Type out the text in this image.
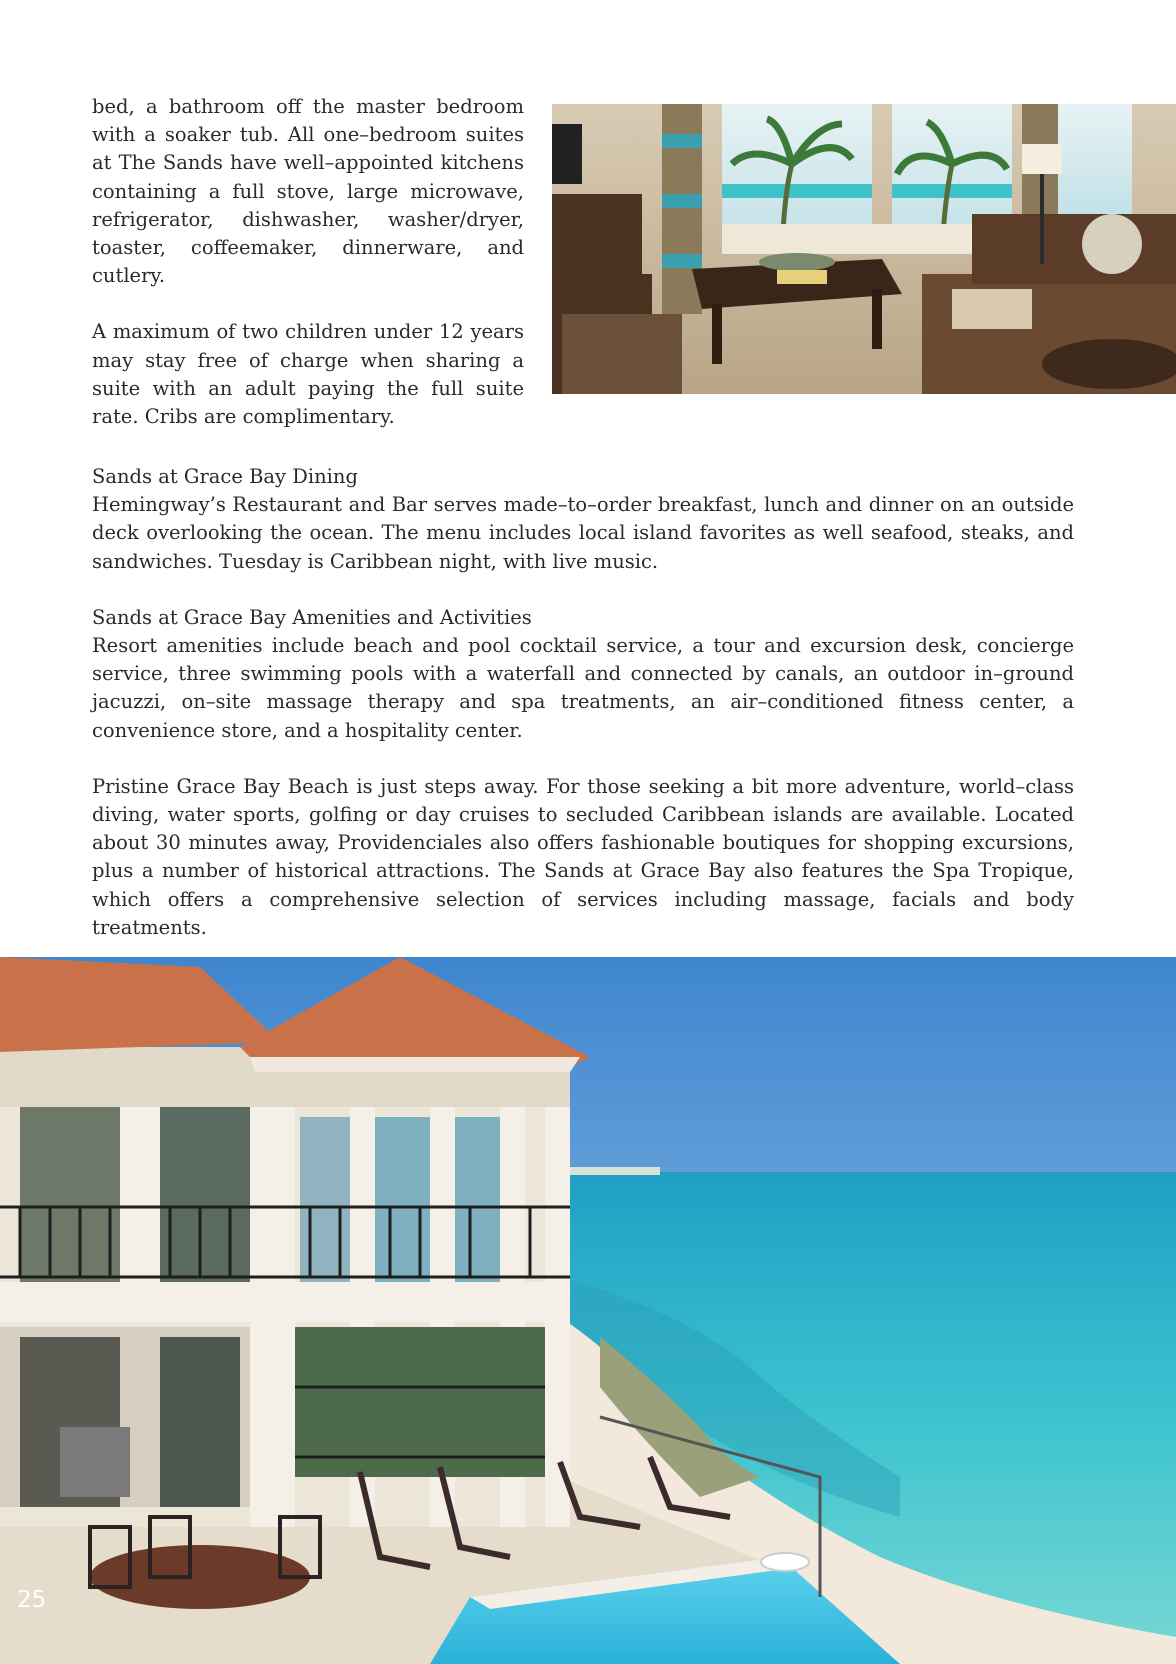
bed, a bathroom off the master bedroom with a soaker tub. All one–bedroom suites at The Sands have well–appointed kitchens containing a full stove, large microwave, refrigerator, dishwasher, washer/dryer, toaster, coffeemaker, dinnerware, and cutlery.

A maximum of two children under 12 years may stay free of charge when sharing a suite with an adult paying the full suite rate. Cribs are complimentary.

Sands at Grace Bay Dining

Hemingway’s Restaurant and Bar serves made–to–order breakfast, lunch and dinner on an outside deck overlooking the ocean. The menu includes local island favorites as well seafood, steaks, and sandwiches. Tuesday is Caribbean night, with live music.

Sands at Grace Bay Amenities and Activities

Resort amenities include beach and pool cocktail service, a tour and excursion desk, concierge service, three swimming pools with a waterfall and connected by canals, an outdoor in–ground jacuzzi, on–site massage therapy and spa treatments, an air–conditioned fitness center, a convenience store, and a hospitality center.

Pristine Grace Bay Beach is just steps away. For those seeking a bit more adventure, world–class diving, water sports, golfing or day cruises to secluded Caribbean islands are available. Located about 30 minutes away, Providenciales also offers fashionable boutiques for shopping excursions, plus a number of historical attractions. The Sands at Grace Bay also features the Spa Tropique, which offers a comprehensive selection of services including massage, facials and body treatments.

25
